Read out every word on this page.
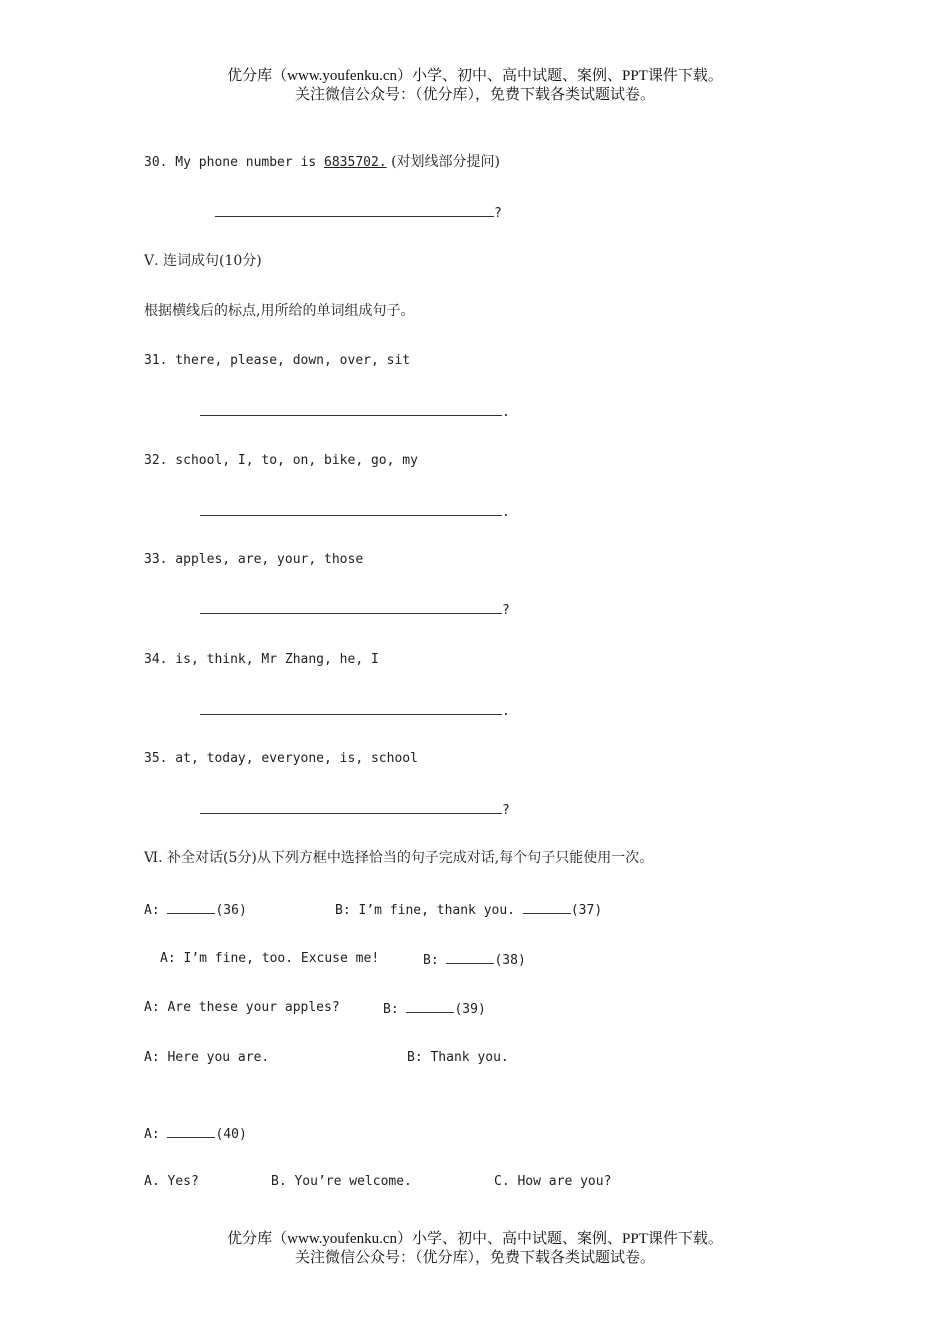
优分库（www.youfenku.cn）小学、初中、高中试题、案例、PPT课件下载。
关注微信公众号：（优分库），免费下载各类试题试卷。
30. My phone number is 6835702. (对划线部分提问)
?
Ⅴ. 连词成句(10分)
根据横线后的标点,用所给的单词组成句子。
31. there, please, down, over, sit
.
32. school, I, to, on, bike, go, my
.
33. apples, are, your, those
?
34. is, think, Mr Zhang, he, I
.
35. at, today, everyone, is, school
?
Ⅵ. 补全对话(5分)从下列方框中选择恰当的句子完成对话,每个句子只能使用一次。
A:	(36)	B: I’m fine, thank you.	(37)
A: I’m fine, too. Excuse me!	B:	(38)
A: Are these your apples?	B:	(39)
A: Here you are.	B: Thank you.
A:	(40)
A. Yes?	B. You’re welcome.	C. How are you?
优分库（www.youfenku.cn）小学、初中、高中试题、案例、PPT课件下载。
关注微信公众号：（优分库），免费下载各类试题试卷。
